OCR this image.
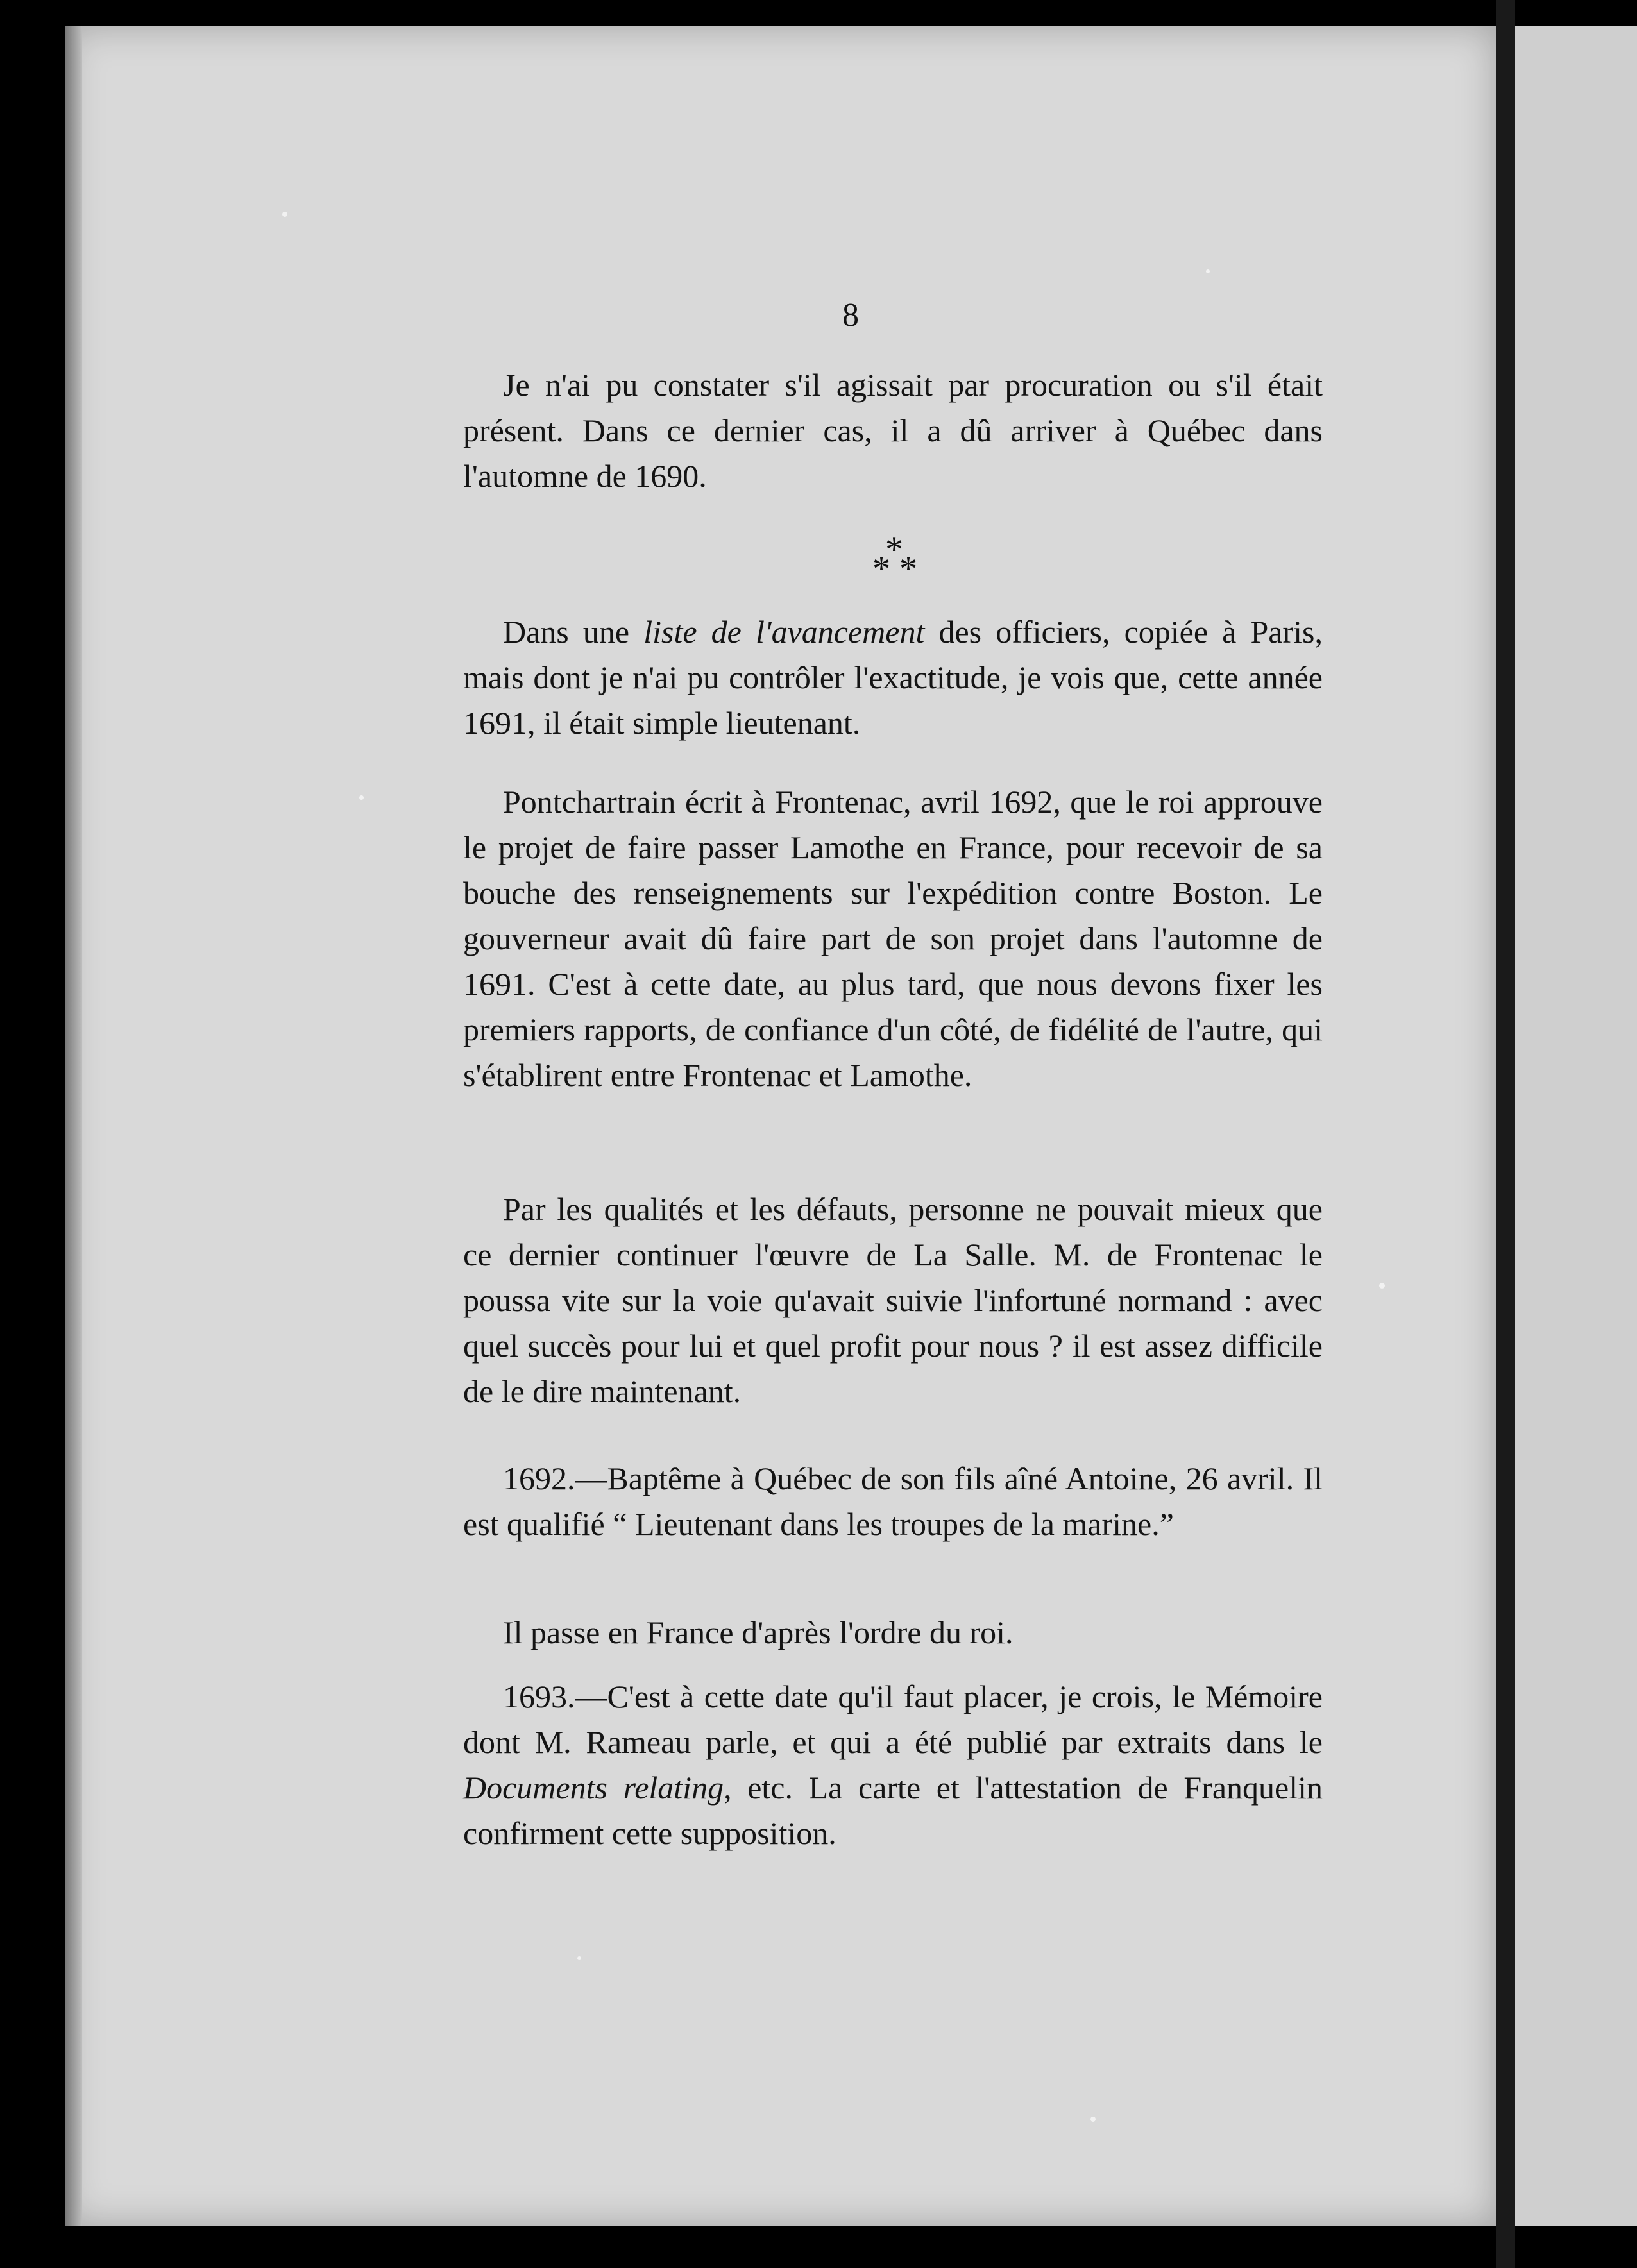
8

Je n'ai pu constater s'il agissait par procuration ou s'il était présent. Dans ce dernier cas, il a dû arriver à Québec dans l'automne de 1690.

*
* *

Dans une liste de l'avancement des officiers, copiée à Paris, mais dont je n'ai pu contrôler l'exactitude, je vois que, cette année 1691, il était simple lieutenant.

Pontchartrain écrit à Frontenac, avril 1692, que le roi approuve le projet de faire passer Lamothe en France, pour recevoir de sa bouche des renseignements sur l'expédition contre Boston. Le gouverneur avait dû faire part de son projet dans l'automne de 1691. C'est à cette date, au plus tard, que nous devons fixer les premiers rapports, de confiance d'un côté, de fidélité de l'autre, qui s'établirent entre Frontenac et Lamothe.

Par les qualités et les défauts, personne ne pouvait mieux que ce dernier continuer l'œuvre de La Salle. M. de Frontenac le poussa vite sur la voie qu'avait suivie l'infortuné normand : avec quel succès pour lui et quel profit pour nous ? il est assez difficile de le dire maintenant.

1692.—Baptême à Québec de son fils aîné Antoine, 26 avril. Il est qualifié “ Lieutenant dans les troupes de la marine.”

Il passe en France d'après l'ordre du roi.

1693.—C'est à cette date qu'il faut placer, je crois, le Mémoire dont M. Rameau parle, et qui a été publié par extraits dans le Documents relating, etc. La carte et l'attestation de Franquelin confirment cette supposition.
